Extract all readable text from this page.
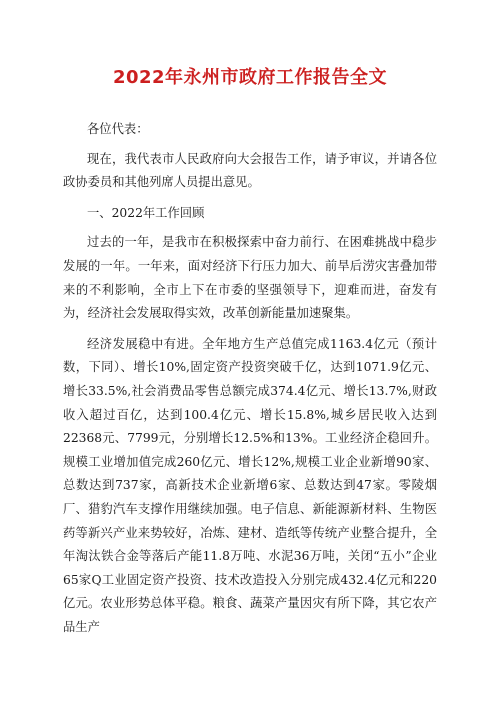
2022年永州市政府工作报告全文

各位代表：

现在，我代表市人民政府向大会报告工作，请予审议，并请各位政协委员和其他列席人员提出意见。

一、2022年工作回顾

过去的一年，是我市在积极探索中奋力前行、在困难挑战中稳步发展的一年。一年来，面对经济下行压力加大、前旱后涝灾害叠加带来的不利影响，全市上下在市委的坚强领导下，迎难而进，奋发有为，经济社会发展取得实效，改革创新能量加速聚集。

经济发展稳中有进。全年地方生产总值完成1163.4亿元（预计数，下同）、增长10%,固定资产投资突破千亿，达到1071.9亿元、增长33.5%,社会消费品零售总额完成374.4亿元、增长13.7%,财政收入超过百亿，达到100.4亿元、增长15.8%,城乡居民收入达到22368元、7799元，分别增长12.5%和13%。工业经济企稳回升。规模工业增加值完成260亿元、增长12%,规模工业企业新增90家、总数达到737家，高新技术企业新增6家、总数达到47家。零陵烟厂、猎豹汽车支撑作用继续加强。电子信息、新能源新材料、生物医药等新兴产业来势较好，冶炼、建材、造纸等传统产业整合提升，全年淘汰铁合金等落后产能11.8万吨、水泥36万吨，关闭“五小”企业65家Q工业固定资产投资、技术改造投入分别完成432.4亿元和220亿元。农业形势总体平稳。粮食、蔬菜产量因灾有所下降，其它农产品生产
